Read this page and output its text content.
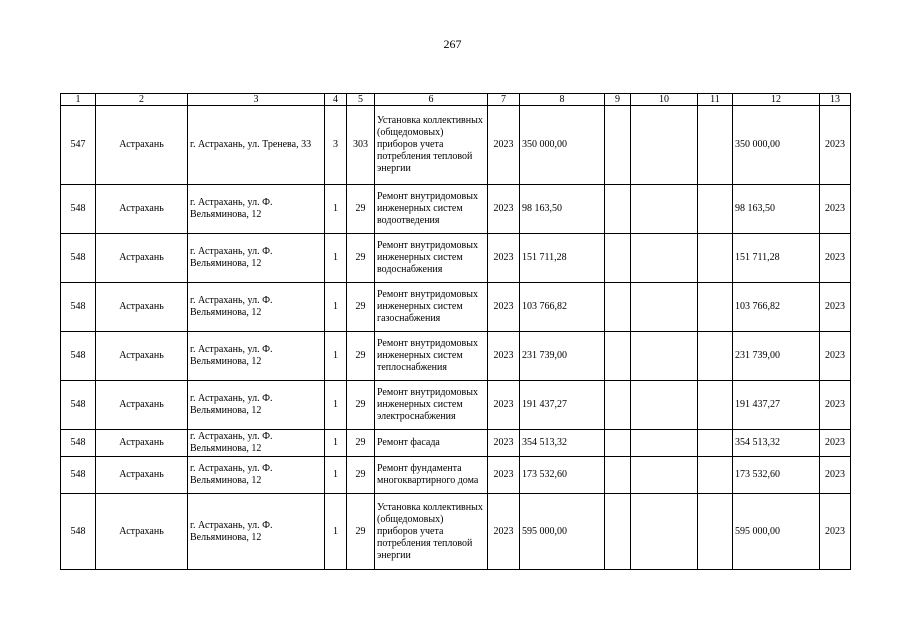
267
1	2	3	4	5	6	7	8	9	10	11	12	13
547	Астрахань	г. Астрахань, ул. Тренева, 33	3	303	Установка коллективных (общедомовых) приборов учета потребления тепловой энергии	2023	350 000,00				350 000,00	2023
548	Астрахань	г. Астрахань, ул. Ф. Вельяминова, 12	1	29	Ремонт внутридомовых инженерных систем водоотведения	2023	98 163,50				98 163,50	2023
548	Астрахань	г. Астрахань, ул. Ф. Вельяминова, 12	1	29	Ремонт внутридомовых инженерных систем водоснабжения	2023	151 711,28				151 711,28	2023
548	Астрахань	г. Астрахань, ул. Ф. Вельяминова, 12	1	29	Ремонт внутридомовых инженерных систем газоснабжения	2023	103 766,82				103 766,82	2023
548	Астрахань	г. Астрахань, ул. Ф. Вельяминова, 12	1	29	Ремонт внутридомовых инженерных систем теплоснабжения	2023	231 739,00				231 739,00	2023
548	Астрахань	г. Астрахань, ул. Ф. Вельяминова, 12	1	29	Ремонт внутридомовых инженерных систем электроснабжения	2023	191 437,27				191 437,27	2023
548	Астрахань	г. Астрахань, ул. Ф. Вельяминова, 12	1	29	Ремонт фасада	2023	354 513,32				354 513,32	2023
548	Астрахань	г. Астрахань, ул. Ф. Вельяминова, 12	1	29	Ремонт фундамента многоквартирного дома	2023	173 532,60				173 532,60	2023
548	Астрахань	г. Астрахань, ул. Ф. Вельяминова, 12	1	29	Установка коллективных (общедомовых) приборов учета потребления тепловой энергии	2023	595 000,00				595 000,00	2023
